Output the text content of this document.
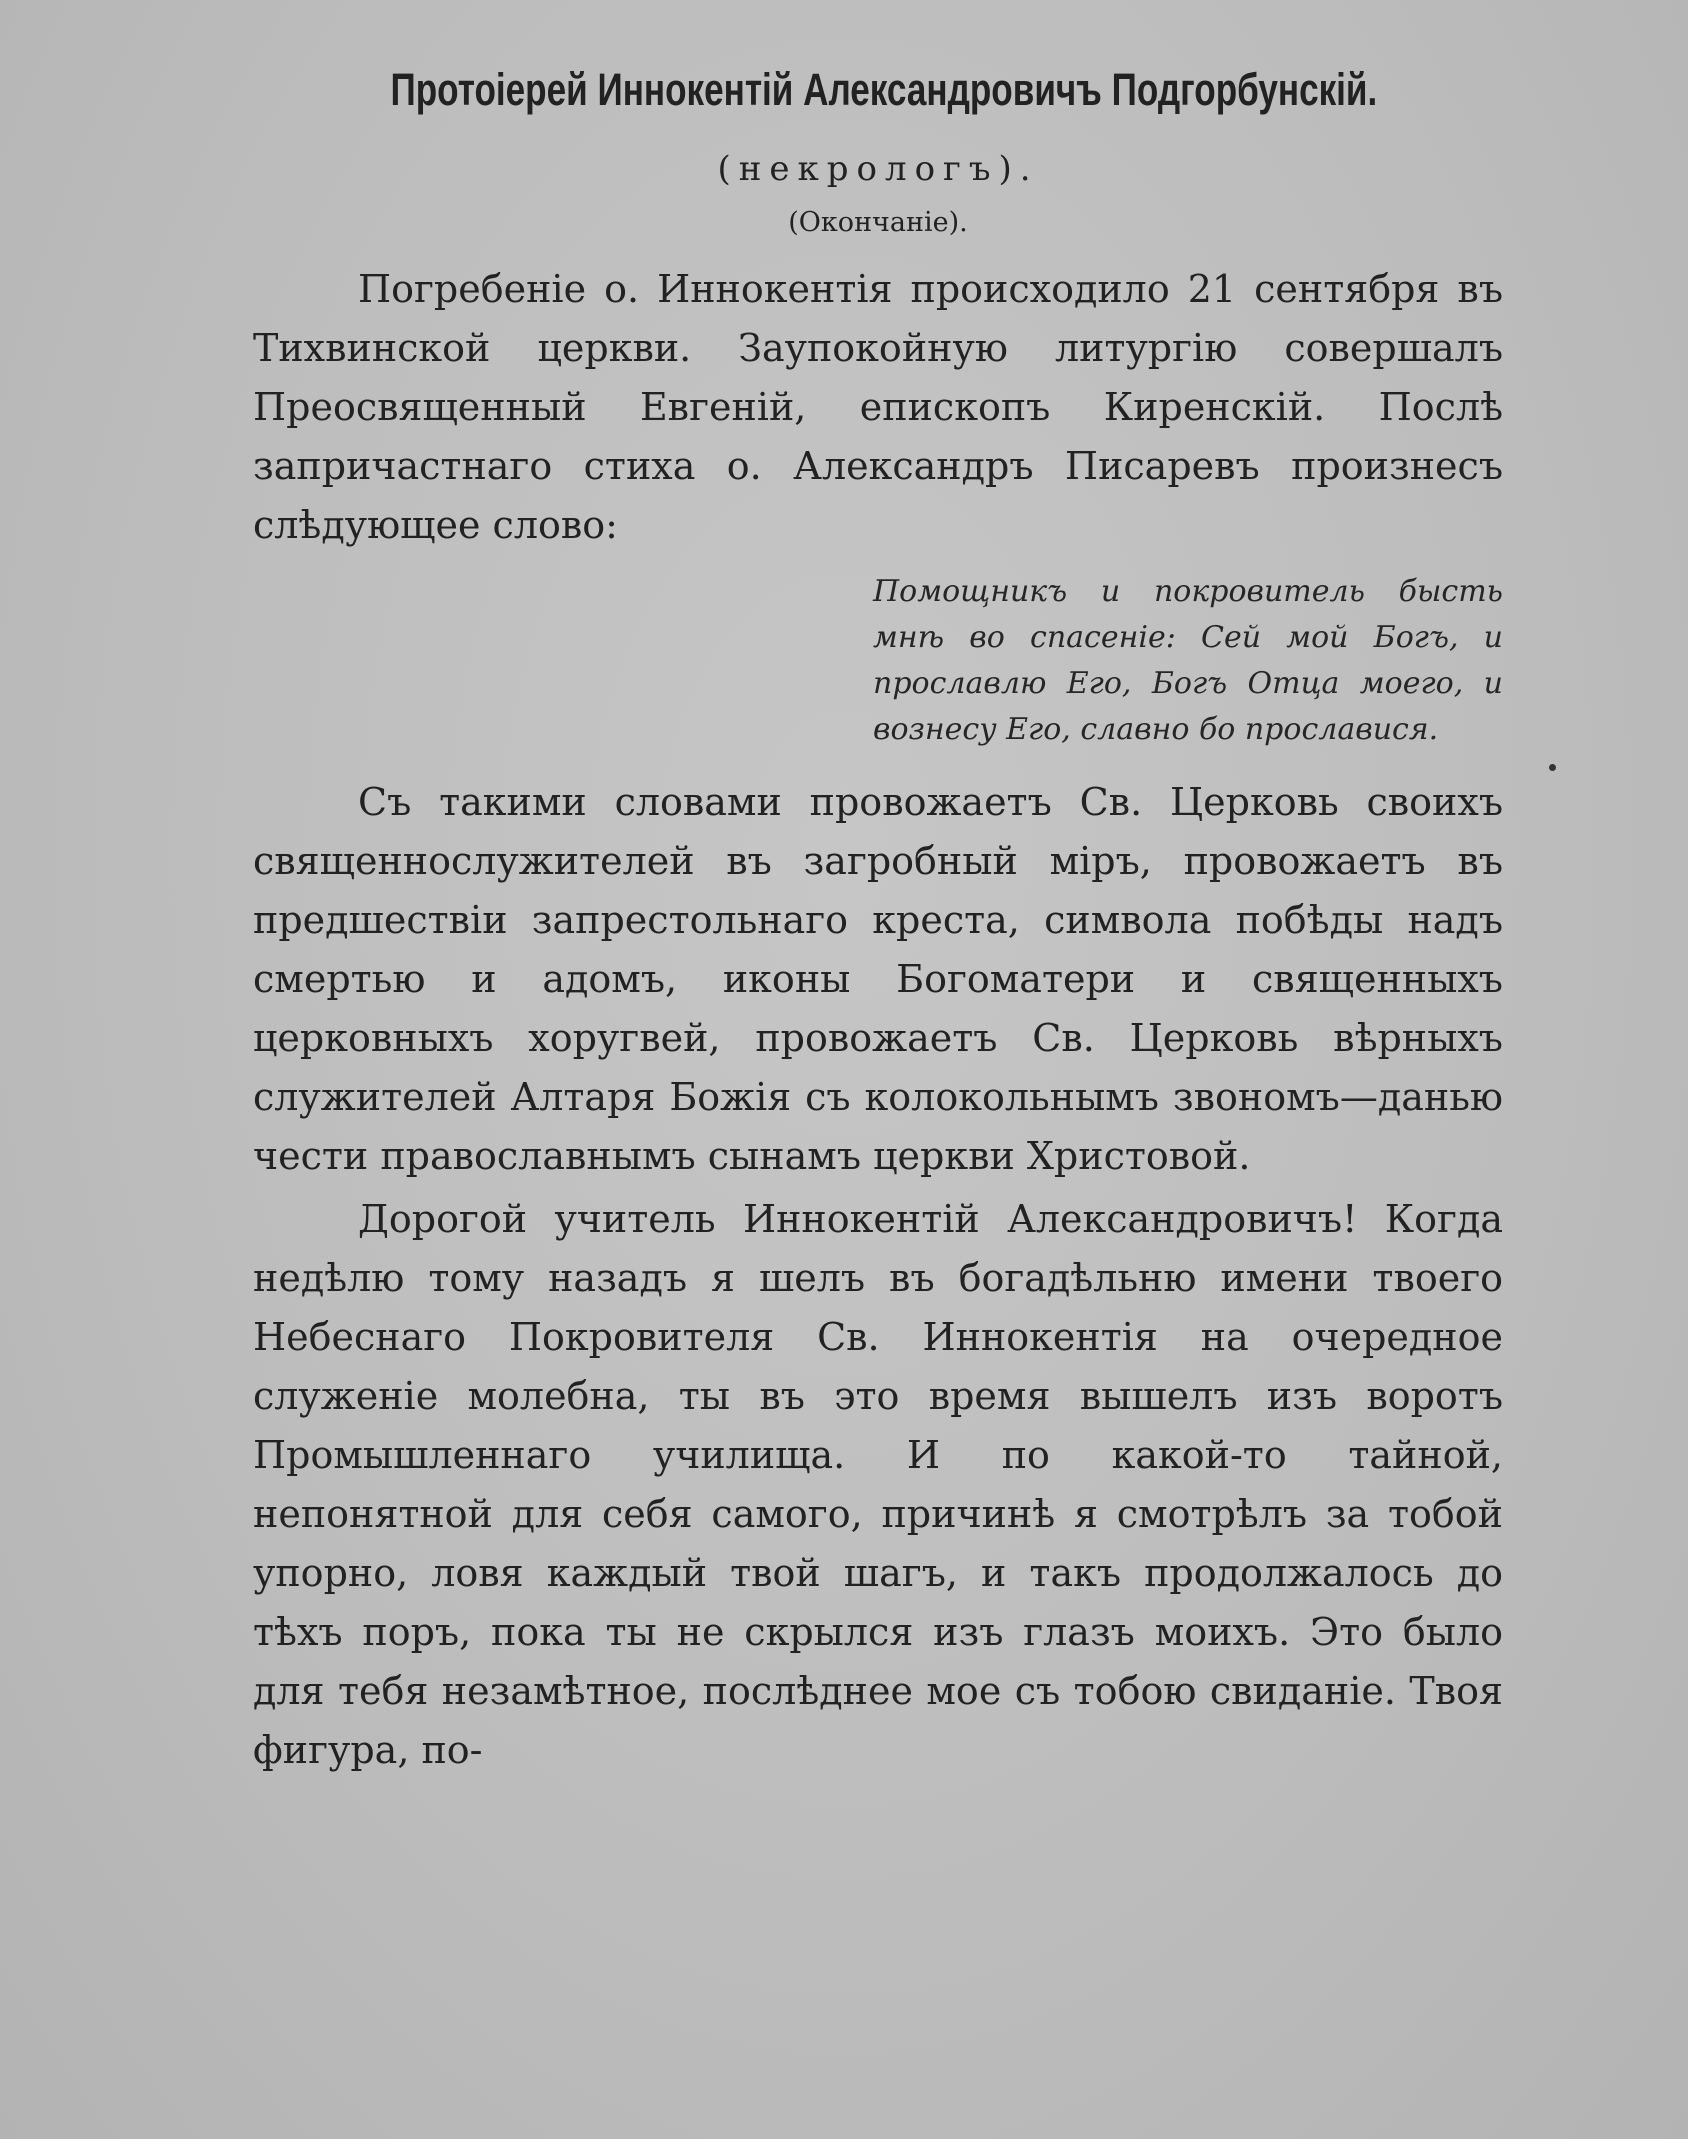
Протоіерей Иннокентій Александровичъ Подгорбунскій.
(некрологъ).
(Окончаніе).

Погребеніе о. Иннокентія происходило 21 сентября въ Тихвинской церкви. Заупокойную литургію совершалъ Преосвященный Евгеній, епископъ Киренскій. Послѣ запричастнаго стиха о. Александръ Писаревъ произнесъ слѣдующее слово:

Помощникъ и покровитель бысть мнѣ во спасеніе: Сей мой Богъ, и прославлю Его, Богъ Отца моего, и вознесу Его, славно бо прославися.

Съ такими словами провожаетъ Св. Церковь своихъ священнослужителей въ загробный міръ, провожаетъ въ предшествіи запрестольнаго креста, символа побѣды надъ смертью и адомъ, иконы Богоматери и священныхъ церковныхъ хоругвей, провожаетъ Св. Церковь вѣрныхъ служителей Алтаря Божія съ колокольнымъ звономъ—данью чести православнымъ сынамъ церкви Христовой.

Дорогой учитель Иннокентій Александровичъ! Когда недѣлю тому назадъ я шелъ въ богадѣльню имени твоего Небеснаго Покровителя Св. Иннокентія на очередное служеніе молебна, ты въ это время вышелъ изъ воротъ Промышленнаго училища. И по какой-то тайной, непонятной для себя самого, причинѣ я смотрѣлъ за тобой упорно, ловя каждый твой шагъ, и такъ продолжалось до тѣхъ поръ, пока ты не скрылся изъ глазъ моихъ. Это было для тебя незамѣтное, послѣднее мое съ тобою свиданіе. Твоя фигура, по-
